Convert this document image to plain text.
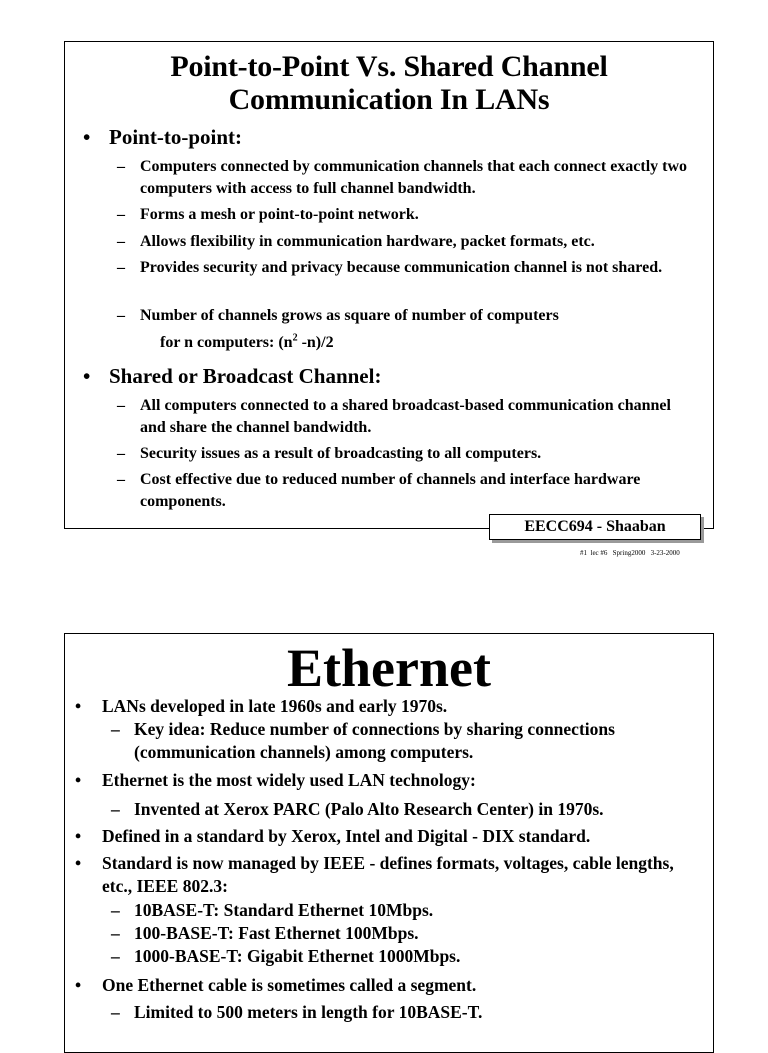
Point-to-Point Vs. Shared Channel
Communication In LANs
• Point-to-point:
– Computers connected by communication channels that each connect exactly two computers with access to full channel bandwidth.
– Forms a mesh or point-to-point network.
– Allows flexibility in communication hardware, packet formats, etc.
– Provides security and privacy because communication channel is not shared.
– Number of channels grows as square of number of computers
for n computers: ($n^2$ -n)/2
• Shared or Broadcast Channel:
– All computers connected to a shared broadcast-based communication channel and share the channel bandwidth.
– Security issues as a result of broadcasting to all computers.
– Cost effective due to reduced number of channels and interface hardware components.
EECC694 - Shaaban
#1  lec #6   Spring2000   3-23-2000
Ethernet
• LANs developed in late 1960s and early 1970s.
– Key idea: Reduce number of connections by sharing connections (communication channels) among computers.
• Ethernet is the most widely used LAN technology:
– Invented at Xerox PARC (Palo Alto Research Center) in 1970s.
• Defined in a standard by Xerox, Intel and Digital - DIX standard.
• Standard is now managed by IEEE - defines formats, voltages, cable lengths, etc., IEEE 802.3:
– 10BASE-T: Standard Ethernet 10Mbps.
– 100-BASE-T: Fast Ethernet 100Mbps.
– 1000-BASE-T: Gigabit Ethernet 1000Mbps.
• One Ethernet cable is sometimes called a segment.
– Limited to 500 meters in length for 10BASE-T.
